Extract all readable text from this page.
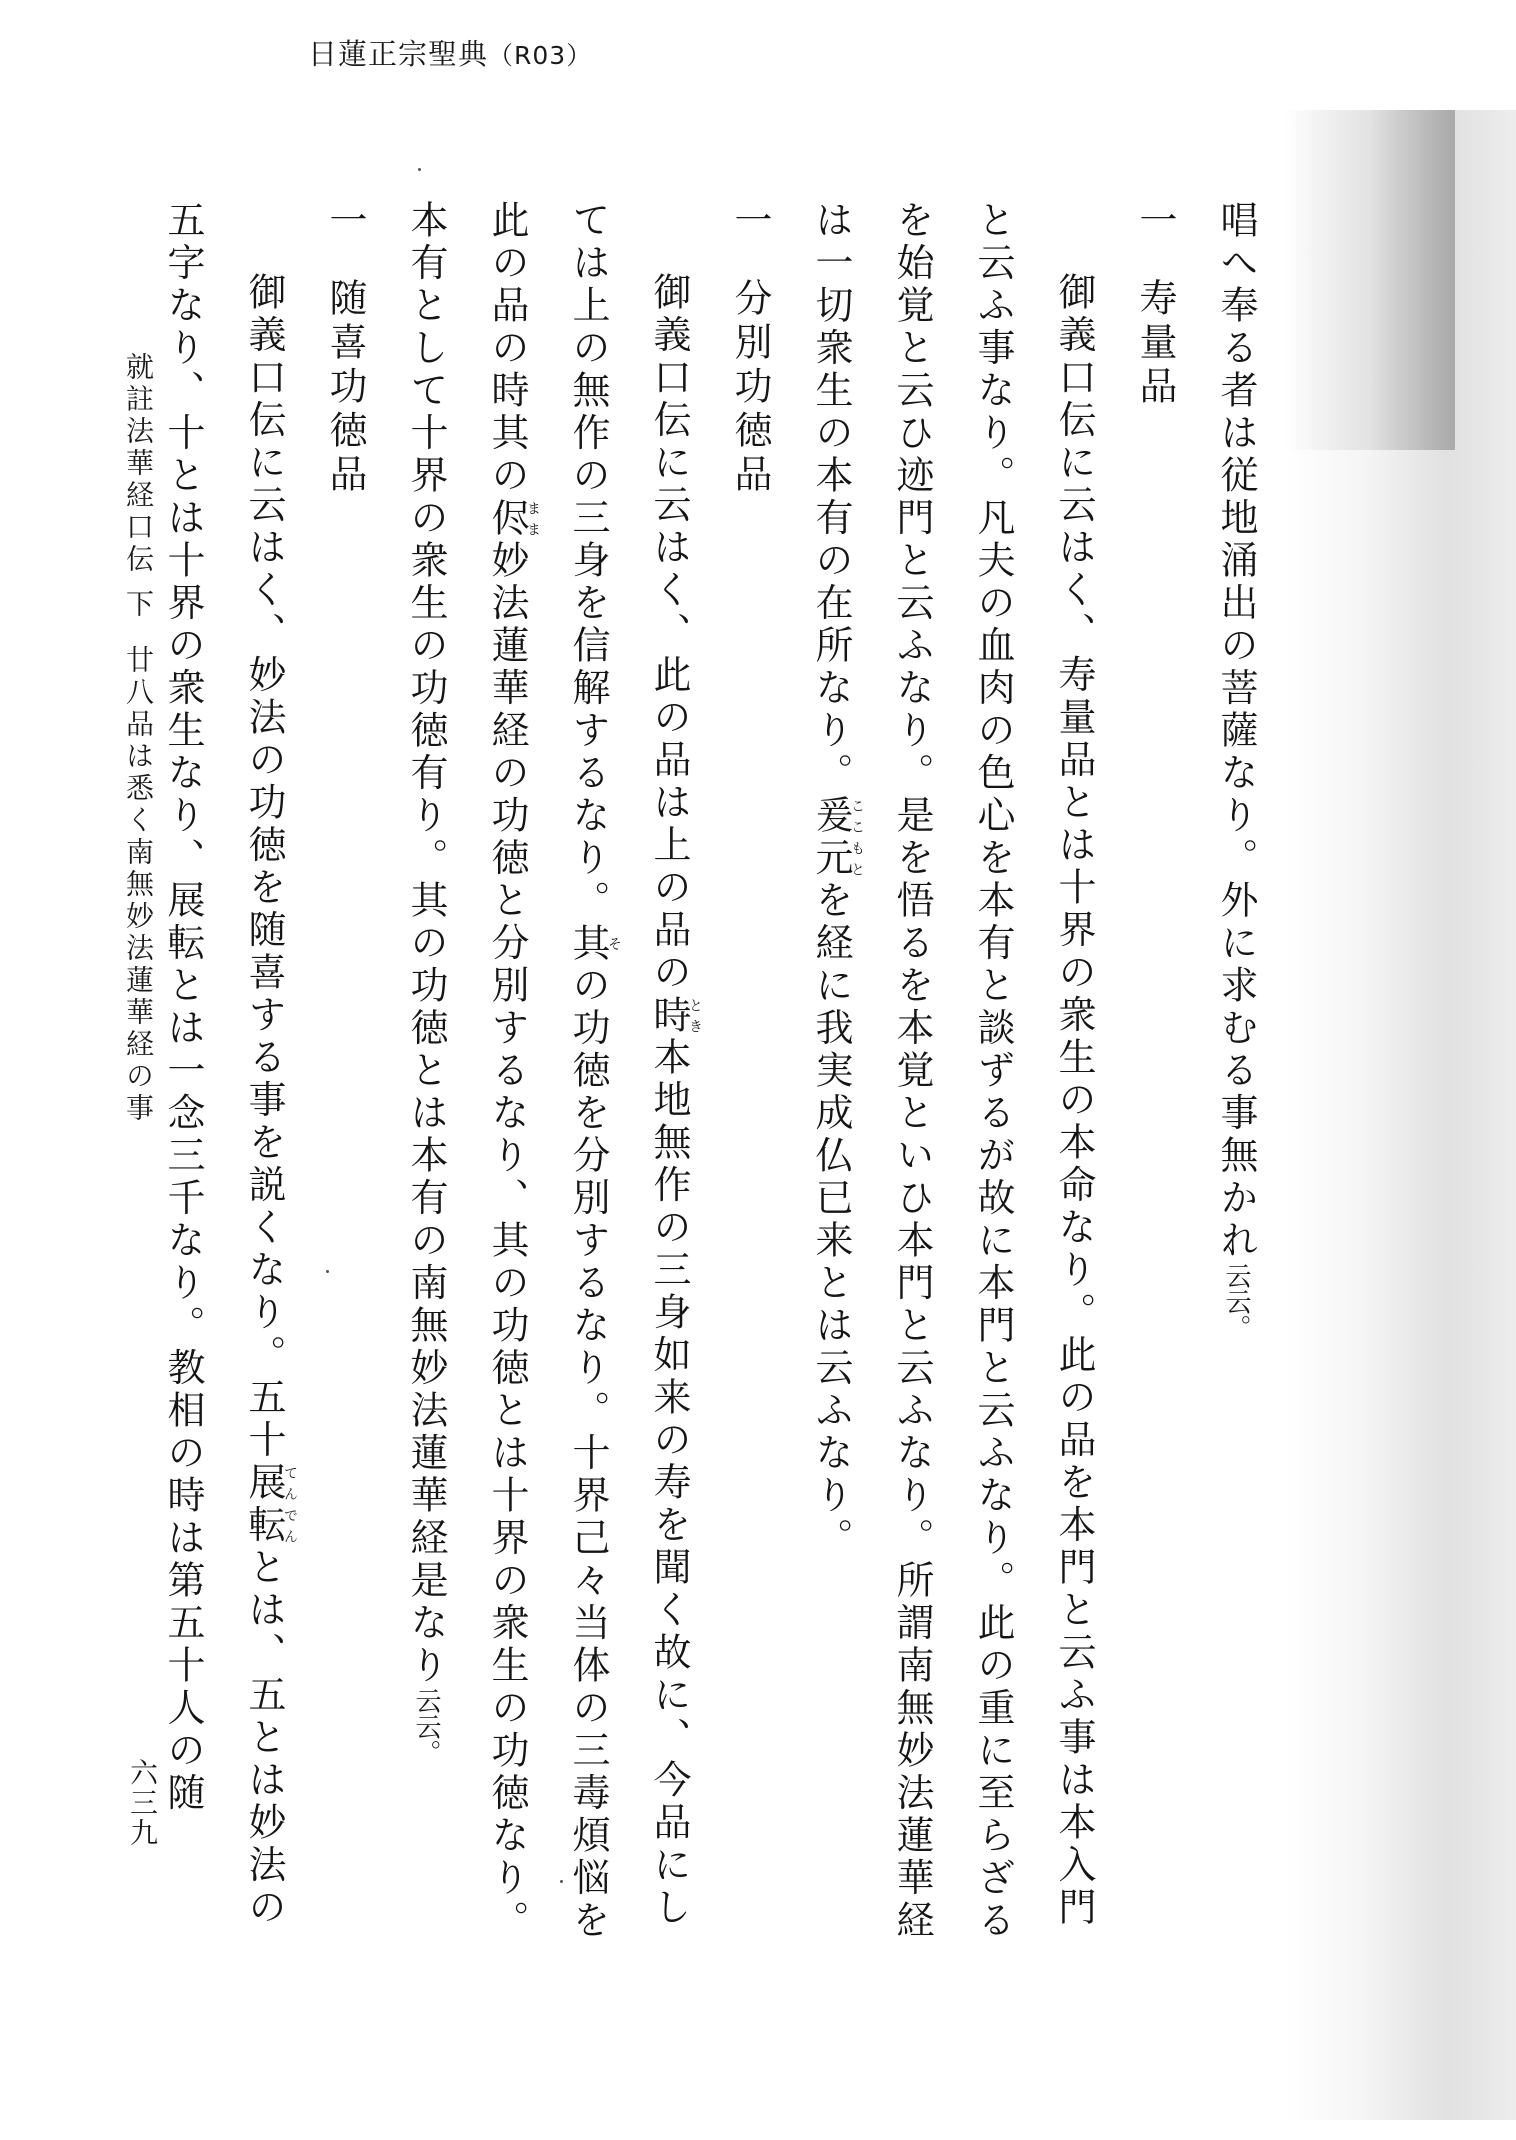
日蓮正宗聖典（R03）

唱へ奉る者は従地涌出の菩薩なり。外に求むる事無かれ云云。

一寿量品

御義口伝に云はく、寿量品とは十界の衆生の本命なり。此の品を本門と云ふ事は本入門と云ふ事なり。凡夫の血肉の色心を本有と談ずるが故に本門と云ふなり。此の重に至らざるを始覚と云ひ迹門と云ふなり。是を悟るを本覚といひ本門と云ふなり。所謂南無妙法蓮華経は一切衆生の本有の在所なり。爰元ここもとを経に我実成仏已来とは云ふなり。

一分別功徳品

御義口伝に云はく、此の品は上の品の時とき本地無作の三身如来の寿を聞く故に、今品にしては上の無作の三身を信解するなり。其その功徳を分別するなり。十界己々当体の三毒煩悩を此の品の時其の侭まま妙法蓮華経の功徳と分別するなり、其の功徳とは十界の衆生の功徳なり。本有として十界の衆生の功徳有り。其の功徳とは本有の南無妙法蓮華経是なり云云。

一随喜功徳品

御義口伝に云はく、妙法の功徳を随喜する事を説くなり。五十展転てんでんとは、五とは妙法の五字なり、十とは十界の衆生なり、展転とは一念三千なり。教相の時は第五十人の随

就註法華経口伝 下廿八品は悉く南無妙法蓮華経の事
六三九
